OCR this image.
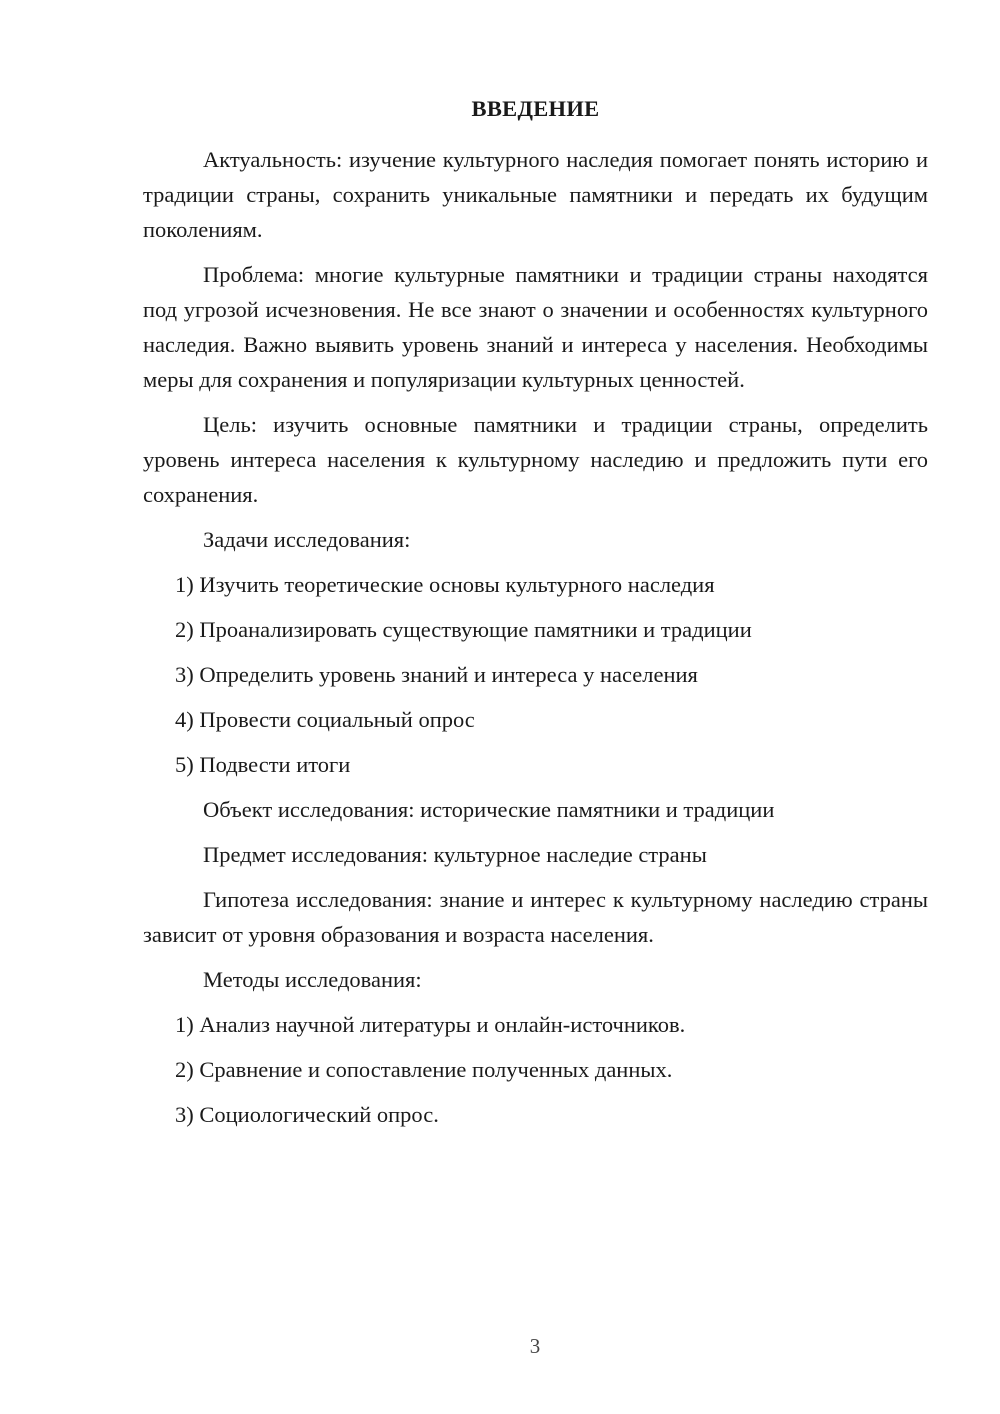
ВВЕДЕНИЕ

Актуальность: изучение культурного наследия помогает понять историю и традиции страны, сохранить уникальные памятники и передать их будущим поколениям.

Проблема: многие культурные памятники и традиции страны находятся под угрозой исчезновения. Не все знают о значении и особенностях культурного наследия. Важно выявить уровень знаний и интереса у населения. Необходимы меры для сохранения и популяризации культурных ценностей.

Цель: изучить основные памятники и традиции страны, определить уровень интереса населения к культурному наследию и предложить пути его сохранения.

Задачи исследования:

1) Изучить теоретические основы культурного наследия

2) Проанализировать существующие памятники и традиции

3) Определить уровень знаний и интереса у населения

4) Провести социальный опрос

5) Подвести итоги

Объект исследования: исторические памятники и традиции

Предмет исследования: культурное наследие страны

Гипотеза исследования: знание и интерес к культурному наследию страны зависит от уровня образования и возраста населения.

Методы исследования:

1) Анализ научной литературы и онлайн-источников.

2) Сравнение и сопоставление полученных данных.

3) Социологический опрос.

3
